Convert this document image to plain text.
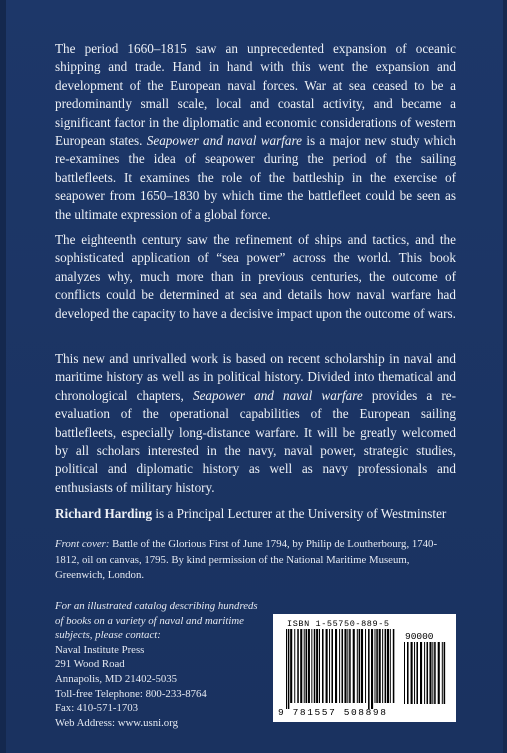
The period 1660–1815 saw an unprecedented expansion of oceanic shipping and trade. Hand in hand with this went the expansion and development of the European naval forces. War at sea ceased to be a predominantly small scale, local and coastal activity, and became a significant factor in the diplomatic and economic considerations of western European states. Seapower and naval warfare is a major new study which re-examines the idea of seapower during the period of the sailing battlefleets. It examines the role of the battleship in the exercise of seapower from 1650–1830 by which time the battlefleet could be seen as the ultimate expression of a global force.

The eighteenth century saw the refinement of ships and tactics, and the sophisticated application of “sea power” across the world. This book analyzes why, much more than in previous centuries, the outcome of conflicts could be determined at sea and details how naval warfare had developed the capacity to have a decisive impact upon the outcome of wars.

This new and unrivalled work is based on recent scholarship in naval and maritime history as well as in political history. Divided into thematical and chronological chapters, Seapower and naval warfare provides a re-evaluation of the operational capabilities of the European sailing battlefleets, especially long-distance warfare. It will be greatly welcomed by all scholars interested in the navy, naval power, strategic studies, political and diplomatic history as well as navy professionals and enthusiasts of military history.

Richard Harding is a Principal Lecturer at the University of Westminster

Front cover: Battle of the Glorious First of June 1794, by Philip de Loutherbourg, 1740- 1812, oil on canvas, 1795. By kind permission of the National Maritime Museum, Greenwich, London.

For an illustrated catalog describing hundreds
of books on a variety of naval and maritime
subjects, please contact:
Naval Institute Press
291 Wood Road
Annapolis, MD 21402-5035
Toll-free Telephone: 800-233-8764
Fax: 410-571-1703
Web Address: www.usni.org
ISBN 1-55750-889-5
90000
9 781557 508898
